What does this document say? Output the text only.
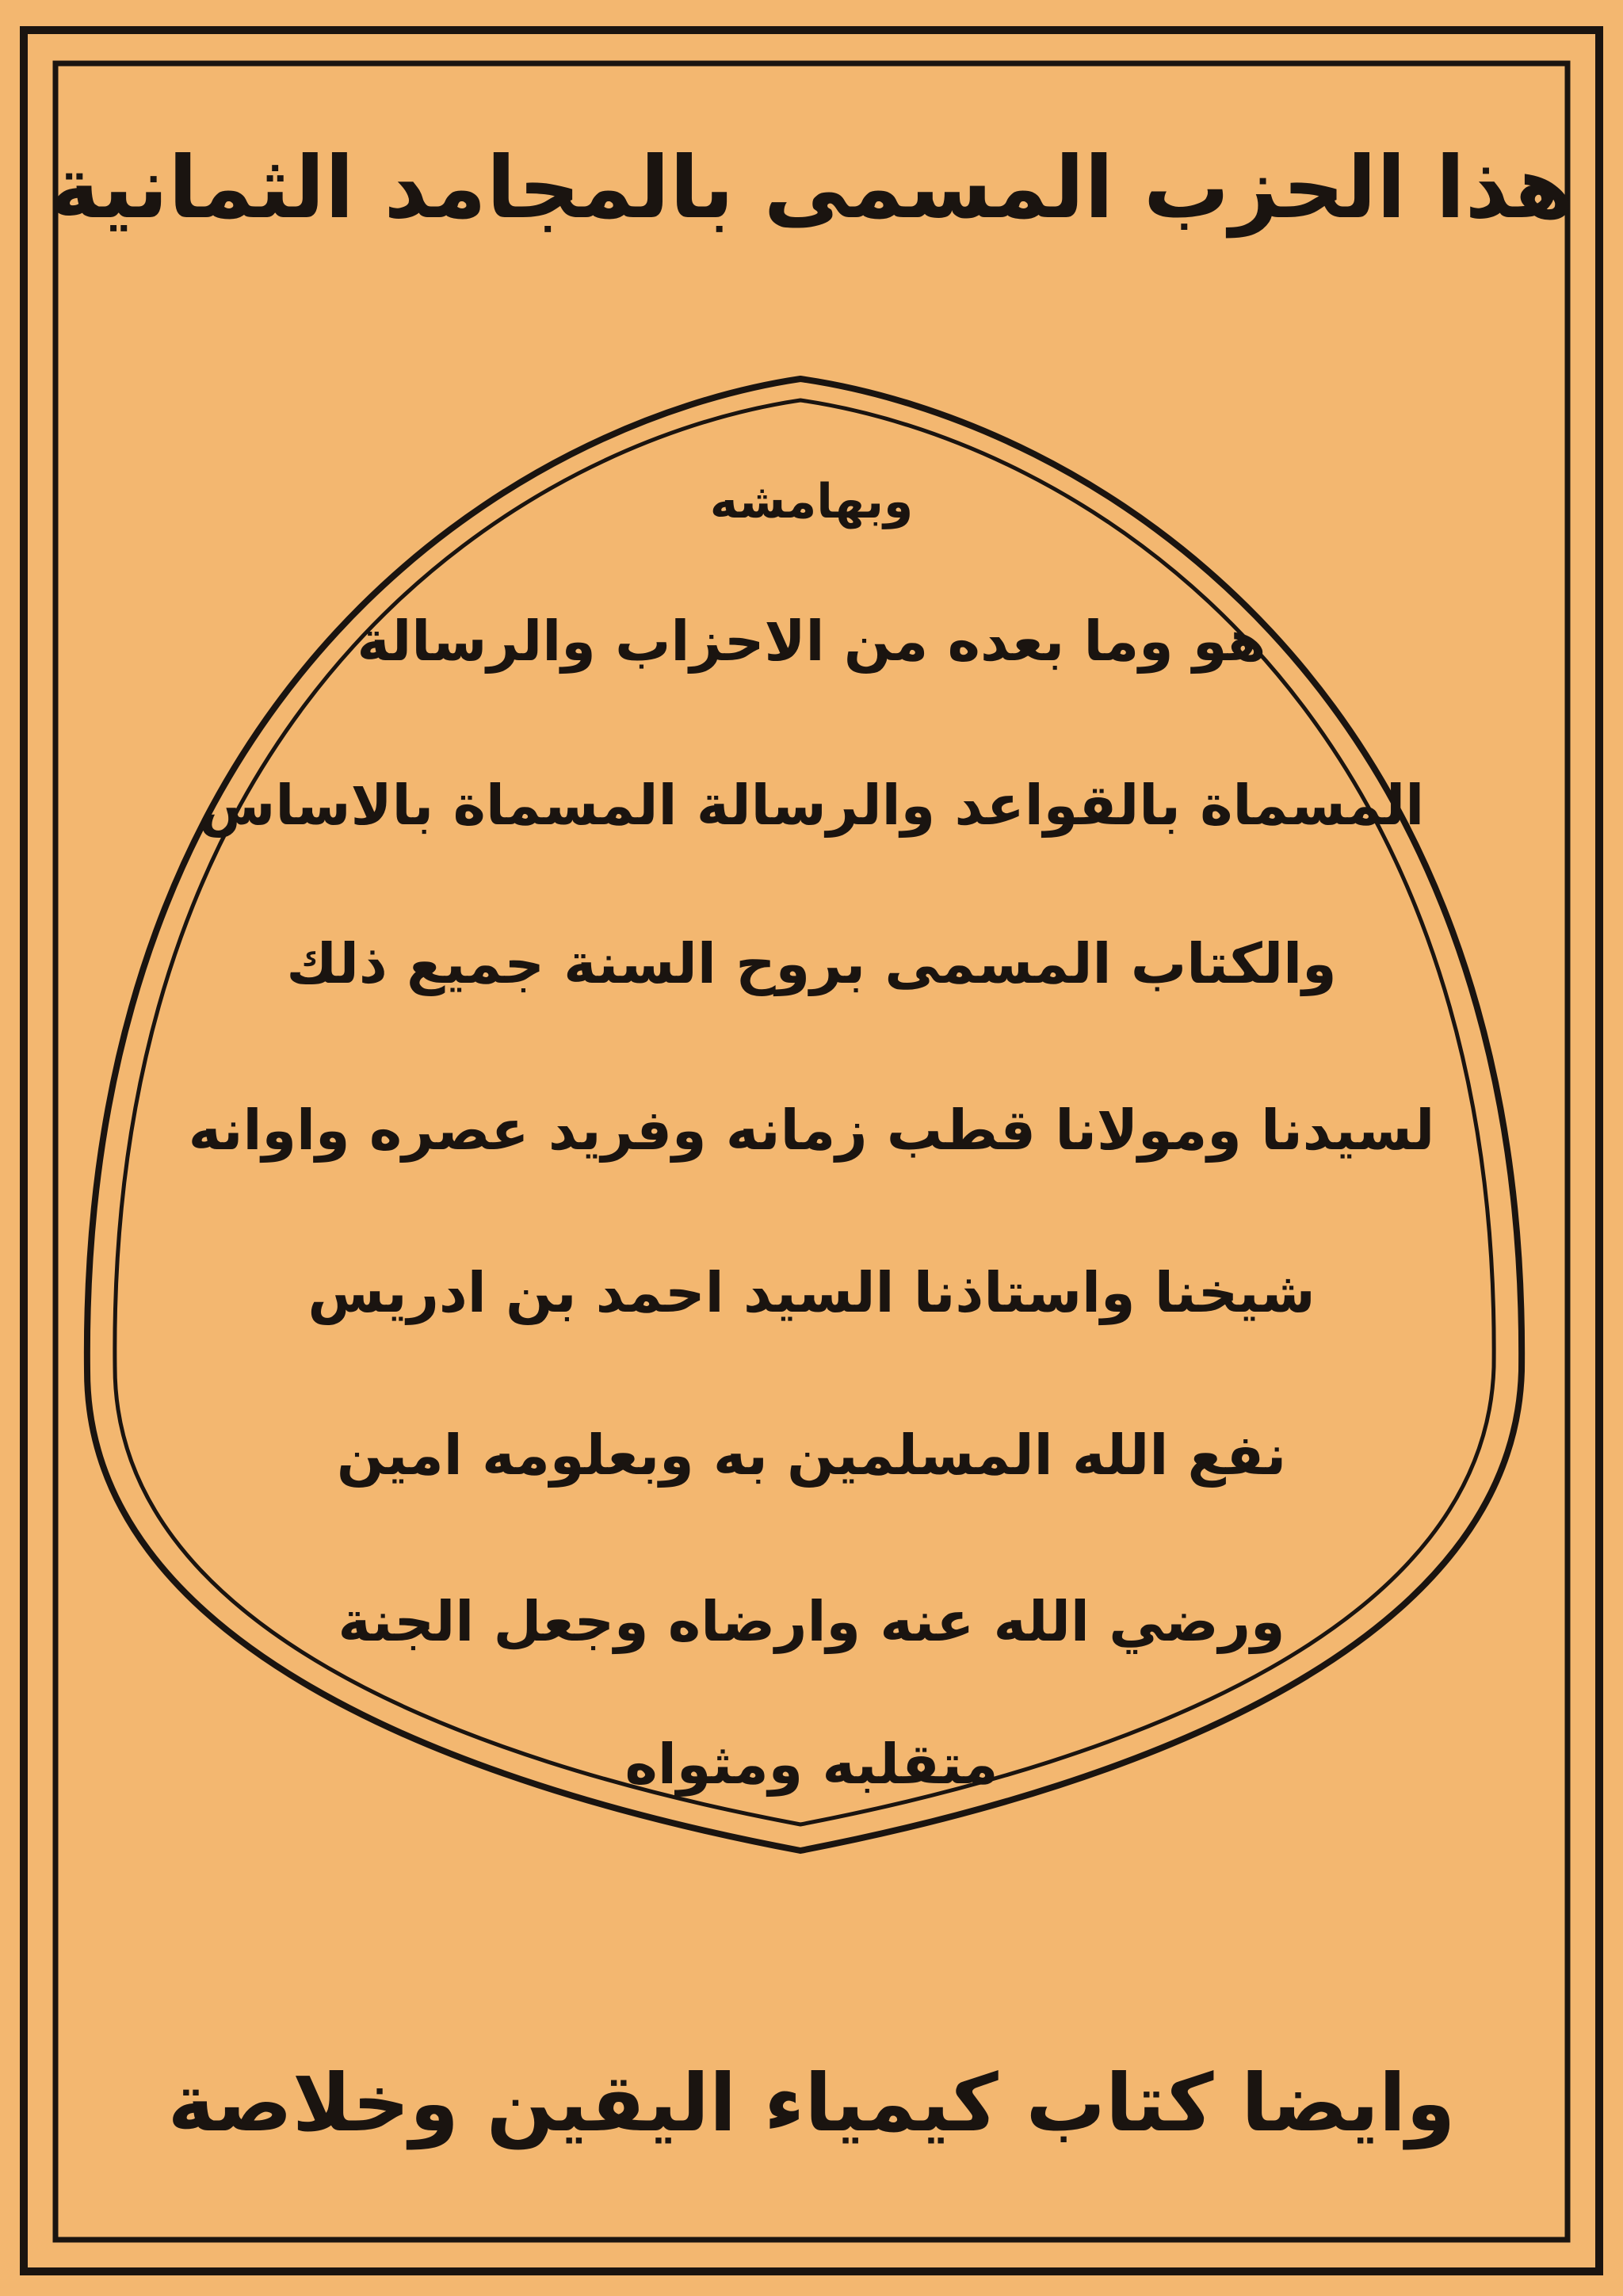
هذا الحزب المسمى بالمجامد الثمانية
وبهامشه
هو وما بعده من الاحزاب والرسالة
المسماة بالقواعد والرسالة المسماة بالاساس
والكتاب المسمى بروح السنة جميع ذلك
لسيدنا ومولانا قطب زمانه وفريد عصره واوانه
شيخنا واستاذنا السيد احمد بن ادريس
نفع الله المسلمين به وبعلومه امين
ورضي الله عنه وارضاه وجعل الجنة
متقلبه ومثواه
وايضا كتاب كيمياء اليقين وخلاصة
